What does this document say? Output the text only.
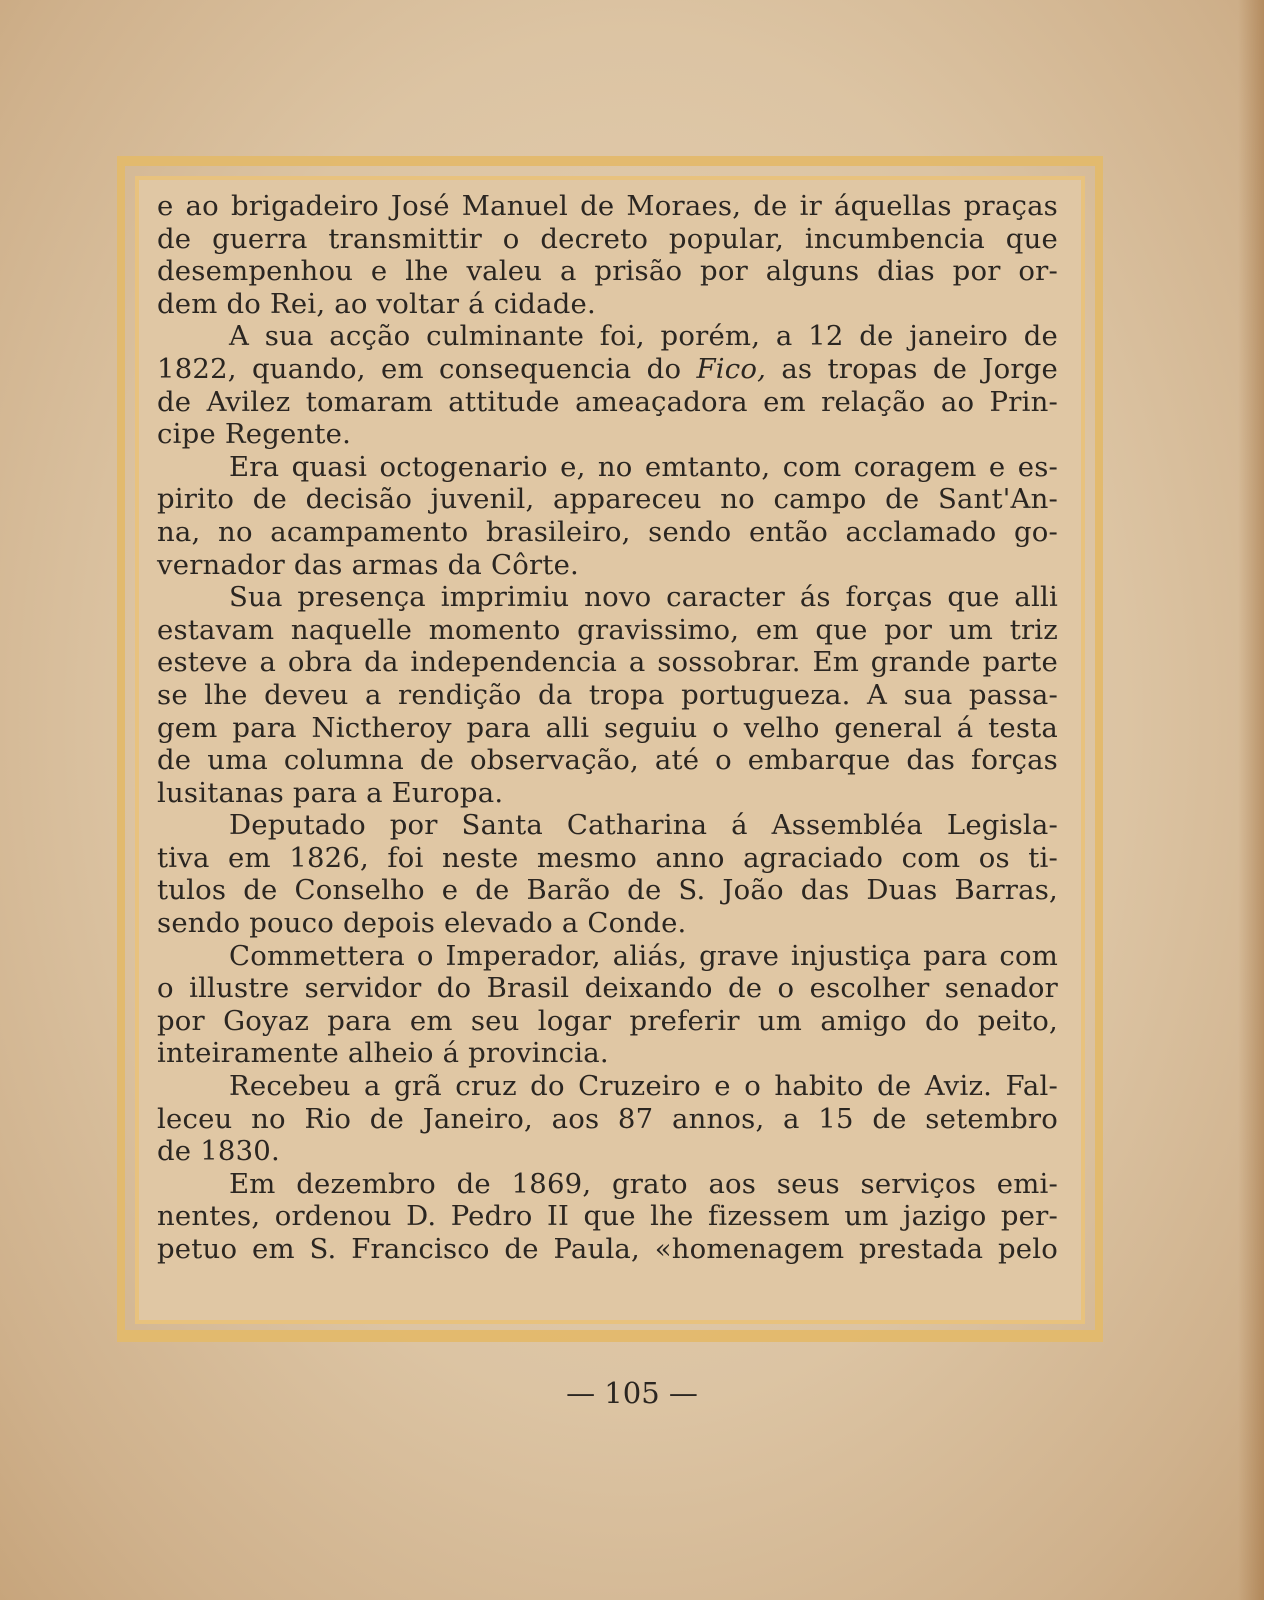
e ao brigadeiro José Manuel de Moraes, de ir áquellas praças
de guerra transmittir o decreto popular, incumbencia que
desempenhou e lhe valeu a prisão por alguns dias por or-
dem do Rei, ao voltar á cidade.
A sua acção culminante foi, porém, a 12 de janeiro de
1822, quando, em consequencia do Fico, as tropas de Jorge
de Avilez tomaram attitude ameaçadora em relação ao Prin-
cipe Regente.
Era quasi octogenario e, no emtanto, com coragem e es-
pirito de decisão juvenil, appareceu no campo de Sant'An-
na, no acampamento brasileiro, sendo então acclamado go-
vernador das armas da Côrte.
Sua presença imprimiu novo caracter ás forças que alli
estavam naquelle momento gravissimo, em que por um triz
esteve a obra da independencia a sossobrar. Em grande parte
se lhe deveu a rendição da tropa portugueza. A sua passa-
gem para Nictheroy para alli seguiu o velho general á testa
de uma columna de observação, até o embarque das forças
lusitanas para a Europa.
Deputado por Santa Catharina á Assembléa Legisla-
tiva em 1826, foi neste mesmo anno agraciado com os ti-
tulos de Conselho e de Barão de S. João das Duas Barras,
sendo pouco depois elevado a Conde.
Commettera o Imperador, aliás, grave injustiça para com
o illustre servidor do Brasil deixando de o escolher senador
por Goyaz para em seu logar preferir um amigo do peito,
inteiramente alheio á provincia.
Recebeu a grã cruz do Cruzeiro e o habito de Aviz. Fal-
leceu no Rio de Janeiro, aos 87 annos, a 15 de setembro
de 1830.
Em dezembro de 1869, grato aos seus serviços emi-
nentes, ordenou D. Pedro II que lhe fizessem um jazigo per-
petuo em S. Francisco de Paula, «homenagem prestada pelo
— 105 —
